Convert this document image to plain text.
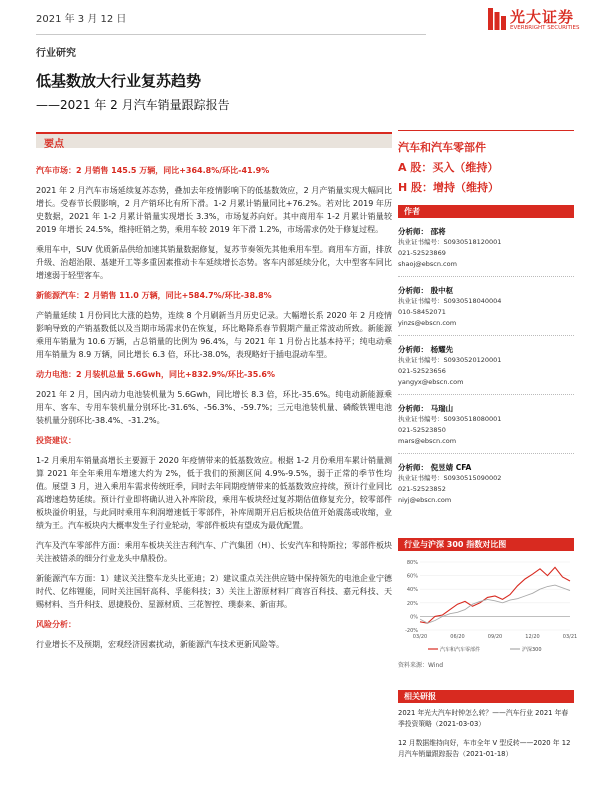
2021 年 3 月 12 日	光大证券
EVERBRIGHT SECURITIES
行业研究
低基数放大行业复苏趋势
——2021 年 2 月汽车销量跟踪报告
要点

汽车市场：2 月销售 145.5 万辆，同比+364.8%/环比-41.9%

2021 年 2 月汽车市场延续复苏态势，叠加去年疫情影响下的低基数效应，2 月产销量实现大幅同比增长。受春节长假影响，2 月产销环比有所下滑。1-2 月累计销量同比+76.2%。若对比 2019 年历史数据，2021 年 1-2 月累计销量实现增长 3.3%，市场复苏向好。其中商用车 1-2 月累计销量较 2019 年增长 24.5%，维持旺销之势，乘用车较 2019 年下滑 1.2%，市场需求仍处于修复过程。

乘用车中，SUV 优质新品供给加速其销量数据修复，复苏节奏领先其他乘用车型。商用车方面，排放升级、治超治限、基建开工等多重因素推动卡车延续增长态势。客车内部延续分化，大中型客车同比增速弱于轻型客车。

新能源汽车：2 月销售 11.0 万辆，同比+584.7%/环比-38.8%

产销量延续 1 月份同比大涨的趋势，连续 8 个月刷新当月历史记录。大幅增长系 2020 年 2 月疫情影响导致的产销基数低以及当期市场需求仍在恢复，环比略降系春节假期产量正常波动所致。新能源乘用车销量为 10.6 万辆，占总销量的比例为 96.4%，与 2021 年 1 月份占比基本持平；纯电动乘用车销量为 8.9 万辆，同比增长 6.3 倍，环比-38.0%，表现略好于插电混动车型。

动力电池：2 月装机总量 5.6Gwh，同比+832.9%/环比-35.6%

2021 年 2 月，国内动力电池装机量为 5.6Gwh，同比增长 8.3 倍，环比-35.6%。纯电动新能源乘用车、客车、专用车装机量分别环比-31.6%、-56.3%、-59.7%；三元电池装机量、磷酸铁锂电池装机量分别环比-38.4%、-31.2%。

投资建议：

1-2 月乘用车销量高增长主要源于 2020 年疫情带来的低基数效应。根据 1-2 月份乘用车累计销量测算 2021 年全年乘用车增速大约为 2%，低于我们的预测区间 4.9%-9.5%，弱于正常的季节性均值。展望 3 月，进入乘用车需求传统旺季，同时去年同期疫情带来的低基数效应持续，预计行业同比高增速趋势延续。预计行业即将确认进入补库阶段，乘用车板块经过复苏期估值修复充分，较零部件板块溢价明显，与此同时乘用车利润增速低于零部件，补库周期开启后板块估值开始震荡或收缩，业绩为王。汽车板块内大概率发生子行业轮动，零部件板块有望成为最优配置。

汽车及汽车零部件方面：乘用车板块关注吉利汽车、广汽集团（H）、长安汽车和特斯拉；零部件板块关注被错杀的细分行业龙头中鼎股份。

新能源汽车方面：1）建议关注整车龙头比亚迪；2）建议重点关注供应链中保持领先的电池企业宁德时代、亿纬锂能，同时关注国轩高科、孚能科技；3）关注上游原材料厂商容百科技、嘉元科技、天赐材料、当升科技、恩捷股份、星源材质、三花智控、璞泰来、新宙邦。

风险分析：

行业增长不及预期，宏观经济因素扰动，新能源汽车技术更新风险等。

汽车和汽车零部件
A 股：买入（维持）
H 股：增持（维持）
作者
分析师： 邵将
执业证书编号：S0930518120001
021-52523869
shaoj@ebscn.com
分析师： 殷中枢
执业证书编号：S0930518040004
010-58452071
yinzs@ebscn.com
分析师： 杨耀先
执业证书编号：S0930520120001
021-52523656
yangyx@ebscn.com
分析师： 马瑞山
执业证书编号：S0930518080001
021-52523850
mars@ebscn.com
分析师： 倪昱婧 CFA
执业证书编号：S0930515090002
021-52523852
niyj@ebscn.com
行业与沪深 300 指数对比图
-20%
0%
20%
40%
60%
80%
03/20	06/20	09/20	12/20	03/21
汽车和汽车零部件	沪深300
资料来源：Wind
相关研报
2021 年光大汽车时钟怎么转？——汽车行业 2021 年春季投资策略（2021-03-03）
12 月数据维持向好，车市全年 V 型反转——2020 年 12 月汽车销量跟踪报告（2021-01-18）
